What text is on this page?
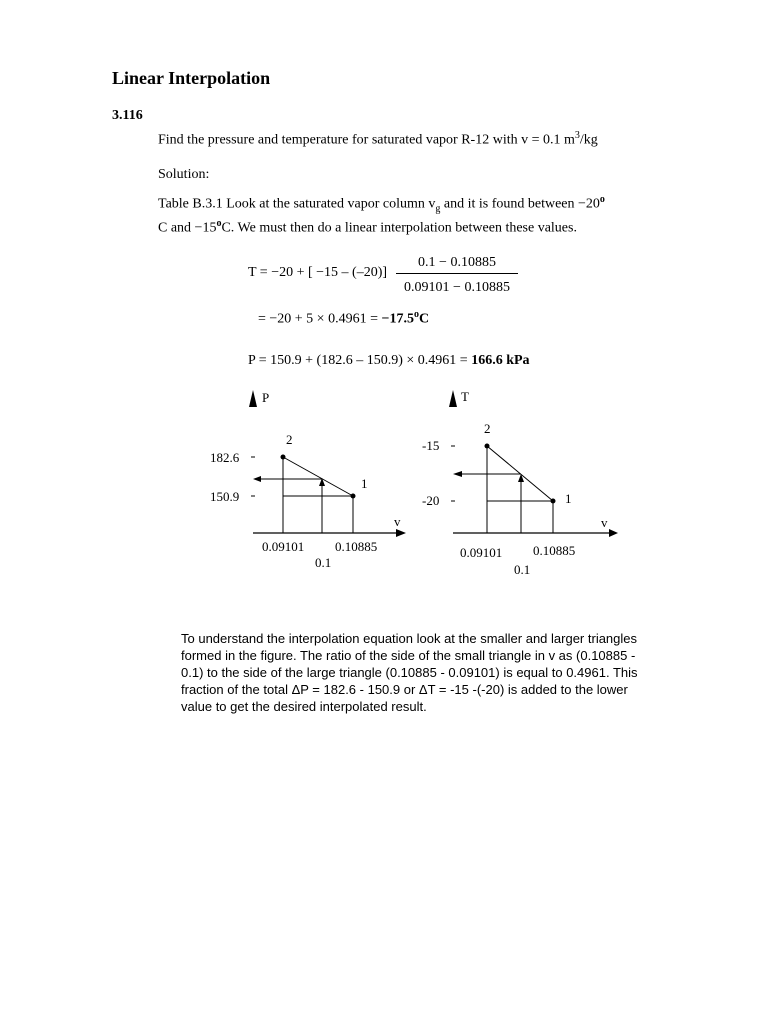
Linear Interpolation
3.116
Find the pressure and temperature for saturated vapor R-12 with v = 0.1 $m^3/kg$
Solution:
Table B.3.1 Look at the saturated vapor column $v_g$ and it is found between $-20^o$
C and $-15^oC$. We must then do a linear interpolation between these values.
T = −20 + [ $-15 - (-20)] \frac{0.1 - 0.10885}{0.09101 - 0.10885}$
= $-20 + 5 \times 0.4961 = -17.5^oC$
P = 150.9 + (182.6 – 150.9) × 0.4961 = 166.6 kPa
P
v
182.6
150.9
2
1
0.09101 0.10885
0.1
T
v
-15
-20
2
1
0.09101 0.10885
0.1
To understand the interpolation equation look at the smaller and larger triangles formed in the figure. The ratio of the side of the small triangle in v as (0.10885 - 0.1) to the side of the large triangle (0.10885 - 0.09101) is equal to 0.4961. This fraction of the total ΔP = 182.6 - 150.9 or ΔT = -15 -(-20) is added to the lower value to get the desired interpolated result.
